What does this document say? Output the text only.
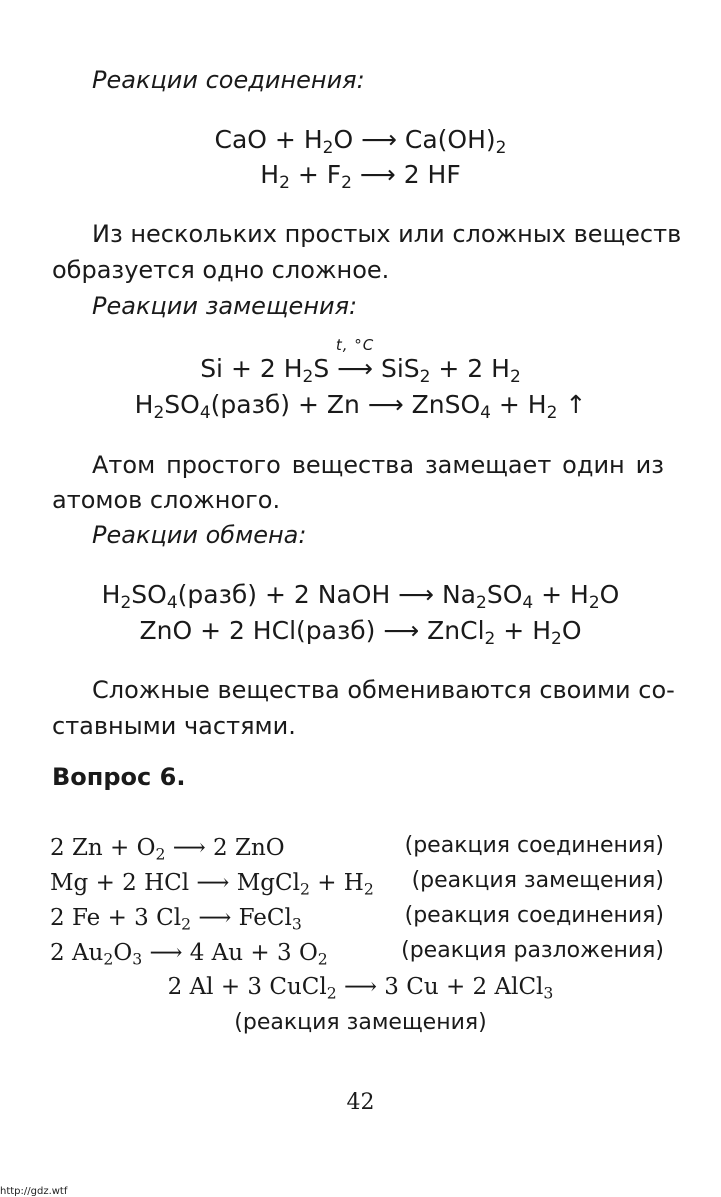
Реакции соединения:
CaO + $H_2O$ ⟶ $Ca(OH)_2$
$H_2 + F_2$ ⟶ 2 HF
Из нескольких простых или сложных веществ
образуется одно сложное.
Реакции замещения:
Si + 2 $H_2S$
t, °C
⟶ SiS$_2$ + 2 $H_2$
$H_2SO_4(разб) + Zn$ ⟶ ZnSO$_4$ + $H_2$ ↑
Атом простого вещества замещает один из
атомов сложного.
Реакции обмена:
$H_2SO_4(разб) + 2$ NaOH ⟶ $Na_2SO_4 + H_2O$
ZnO + 2 HCl(разб) ⟶ ZnCl$_2$ + $H_2O$
Сложные вещества обмениваются своими со-
ставными частями.
Вопрос 6.
2 $Zn + O_2$ ⟶ 2 ZnO	(реакция соединения)
Mg + 2 HCl ⟶ MgCl$_2$ + $H_2$ (реакция замещения)
2 Fe + 3 $Cl_2$ ⟶ FeCl$_3$	(реакция соединения)
2 $Au_2O_3$ ⟶ 4 Au + 3 $O_2$	(реакция разложения)
2 Al + 3 CuCl$_2$ ⟶ 3 Cu + 2 AlCl$_3$
(реакция замещения)
42
http://gdz.wtf
